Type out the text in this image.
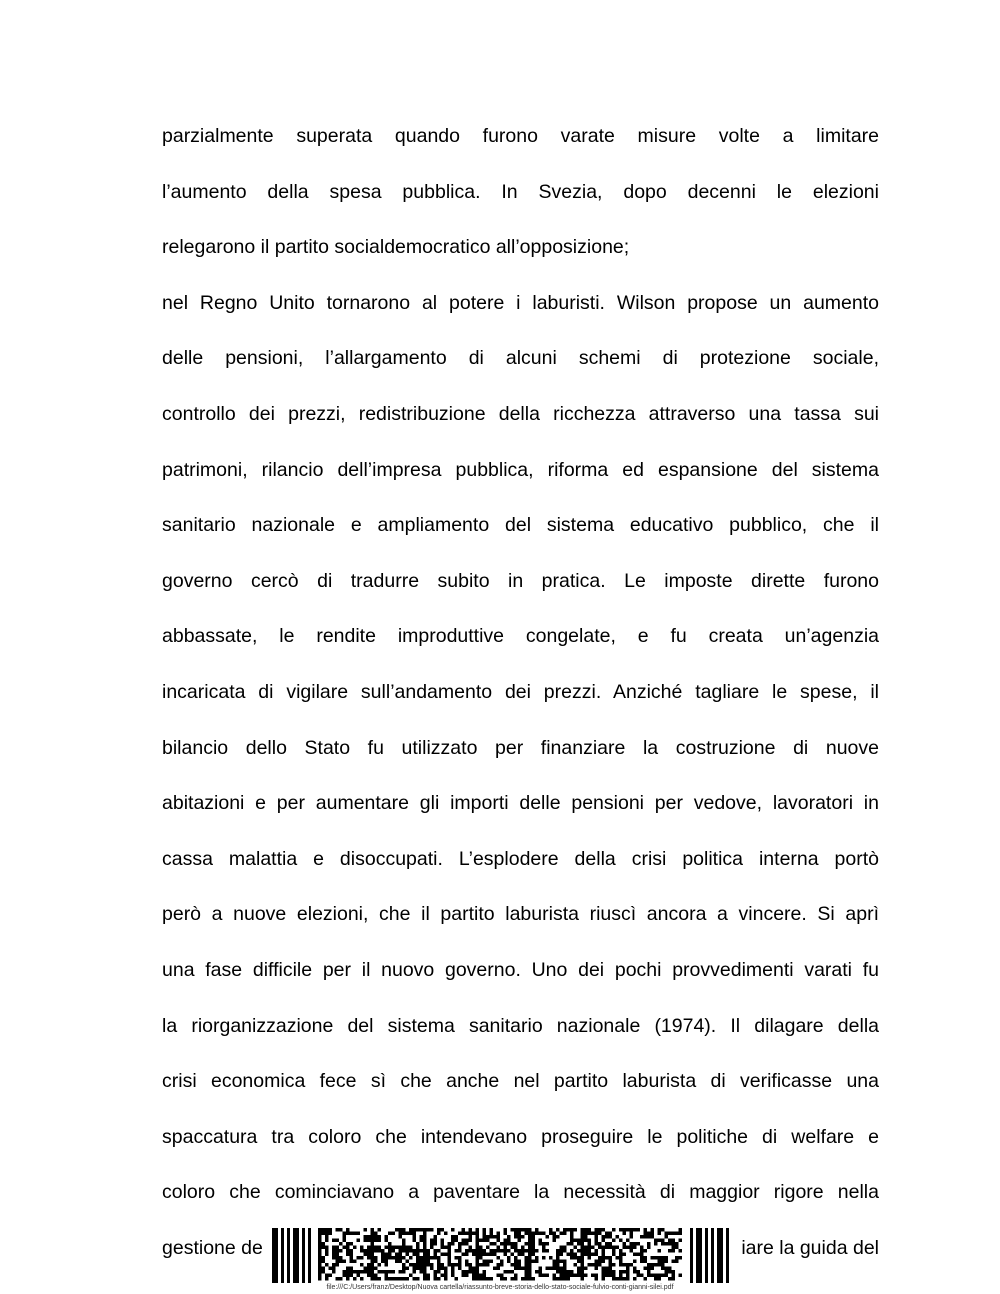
parzialmente superata quando furono varate misure volte a limitare
l’aumento della spesa pubblica. In Svezia, dopo decenni le elezioni
relegarono il partito socialdemocratico all’opposizione;
nel Regno Unito tornarono al potere i laburisti. Wilson propose un aumento
delle pensioni, l’allargamento di alcuni schemi di protezione sociale,
controllo dei prezzi, redistribuzione della ricchezza attraverso una tassa sui
patrimoni, rilancio dell’impresa pubblica, riforma ed espansione del sistema
sanitario nazionale e ampliamento del sistema educativo pubblico, che il
governo cercò di tradurre subito in pratica. Le imposte dirette furono
abbassate, le rendite improduttive congelate, e fu creata un’agenzia
incaricata di vigilare sull’andamento dei prezzi. Anziché tagliare le spese, il
bilancio dello Stato fu utilizzato per finanziare la costruzione di nuove
abitazioni e per aumentare gli importi delle pensioni per vedove, lavoratori in
cassa malattia e disoccupati. L’esplodere della crisi politica interna portò
però a nuove elezioni, che il partito laburista riuscì ancora a vincere. Si aprì
una fase difficile per il nuovo governo. Uno dei pochi provvedimenti varati fu
la riorganizzazione del sistema sanitario nazionale (1974). Il dilagare della
crisi economica fece sì che anche nel partito laburista di verificasse una
spaccatura tra coloro che intendevano proseguire le politiche di welfare e
coloro che cominciavano a paventare la necessità di maggior rigore nella
gestione de	iare la guida del
file:///C:/Users/franz/Desktop/Nuova cartella/riassunto-breve-storia-dello-stato-sociale-fulvio-conti-gianni-silei.pdf
